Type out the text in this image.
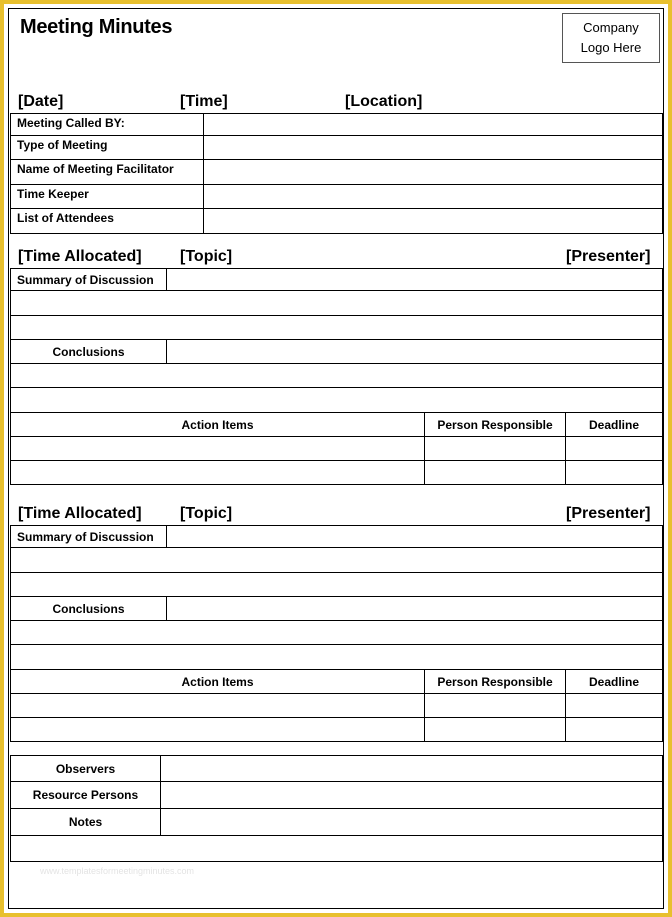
Meeting Minutes	Company
Logo Here
[Date]	[Time]	[Location]
Meeting Called BY:	
Type of Meeting	
Name of Meeting Facilitator	
Time Keeper	
List of Attendees	
[Time Allocated] [Topic]	[Presenter]
Summary of Discussion			

Conclusions			

Action Items		Person Responsible	Deadline

[Time Allocated] [Topic]	[Presenter]
Summary of Discussion			

Conclusions			

Action Items		Person Responsible	Deadline

Observers	
Resource Persons	
Notes	

www.templatesformeetingminutes.com
